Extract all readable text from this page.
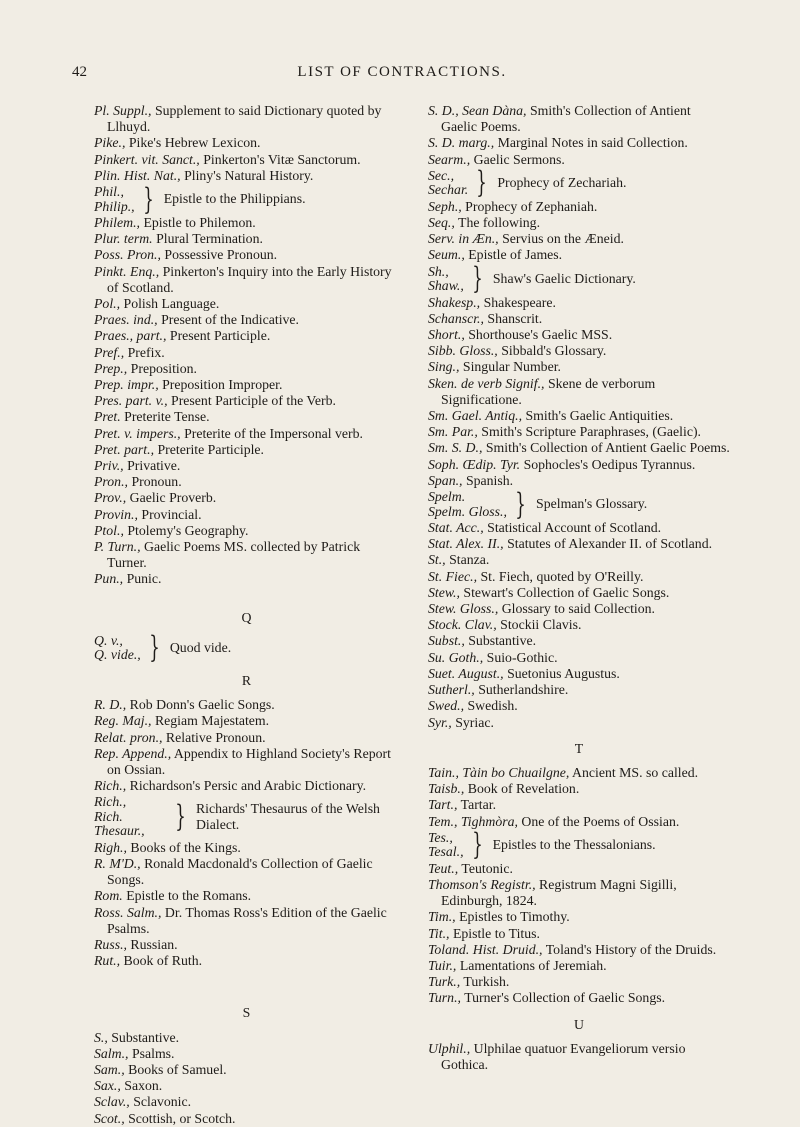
42	LIST OF CONTRACTIONS.

Pl. Suppl., Supplement to said Dictionary quoted by Llhuyd.

Pike., Pike's Hebrew Lexicon.

Pinkert. vit. Sanct., Pinkerton's Vitæ Sanctorum.

Plin. Hist. Nat., Pliny's Natural History.

Phil.,
Philip., } Epistle to the Philippians.

Philem., Epistle to Philemon.

Plur. term. Plural Termination.

Poss. Pron., Possessive Pronoun.

Pinkt. Enq., Pinkerton's Inquiry into the Early History of Scotland.

Pol., Polish Language.

Praes. ind., Present of the Indicative.

Praes., part., Present Participle.

Pref., Prefix.

Prep., Preposition.

Prep. impr., Preposition Improper.

Pres. part. v., Present Participle of the Verb.

Pret. Preterite Tense.

Pret. v. impers., Preterite of the Impersonal verb.

Pret. part., Preterite Participle.

Priv., Privative.

Pron., Pronoun.

Prov., Gaelic Proverb.

Provin., Provincial.

Ptol., Ptolemy's Geography.

P. Turn., Gaelic Poems MS. collected by Patrick Turner.

Pun., Punic.

Q
Q. v.,
Q. vide., } Quod vide.
R

R. D., Rob Donn's Gaelic Songs.

Reg. Maj., Regiam Majestatem.

Relat. pron., Relative Pronoun.

Rep. Append., Appendix to Highland Society's Report on Ossian.

Rich., Richardson's Persic and Arabic Dictionary.

Rich.,
Rich. Thesaur.,	} Richards' Thesaurus of the Welsh Dialect.

Righ., Books of the Kings.

R. M'D., Ronald Macdonald's Collection of Gaelic Songs.

Rom. Epistle to the Romans.

Ross. Salm., Dr. Thomas Ross's Edition of the Gaelic Psalms.

Russ., Russian.

Rut., Book of Ruth.

S

S., Substantive.

Salm., Psalms.

Sam., Books of Samuel.

Sax., Saxon.

Sclav., Sclavonic.

Scot., Scottish, or Scotch.

S. D., Sean Dàna, Smith's Collection of Antient Gaelic Poems.

S. D. marg., Marginal Notes in said Collection.

Searm., Gaelic Sermons.

Sec.,
Sechar. } Prophecy of Zechariah.

Seph., Prophecy of Zephaniah.

Seq., The following.

Serv. in Æn., Servius on the Æneid.

Seum., Epistle of James.

Sh.,
Shaw., } Shaw's Gaelic Dictionary.

Shakesp., Shakespeare.

Schanscr., Shanscrit.

Short., Shorthouse's Gaelic MSS.

Sibb. Gloss., Sibbald's Glossary.

Sing., Singular Number.

Sken. de verb Signif., Skene de verborum Significatione.

Sm. Gael. Antiq., Smith's Gaelic Antiquities.

Sm. Par., Smith's Scripture Paraphrases, (Gaelic).

Sm. S. D., Smith's Collection of Antient Gaelic Poems.

Soph. Œdip. Tyr. Sophocles's Oedipus Tyrannus.

Span., Spanish.

Spelm.
Spelm. Gloss., } Spelman's Glossary.

Stat. Acc., Statistical Account of Scotland.

Stat. Alex. II., Statutes of Alexander II. of Scotland.

St., Stanza.

St. Fiec., St. Fiech, quoted by O'Reilly.

Stew., Stewart's Collection of Gaelic Songs.

Stew. Gloss., Glossary to said Collection.

Stock. Clav., Stockii Clavis.

Subst., Substantive.

Su. Goth., Suio-Gothic.

Suet. August., Suetonius Augustus.

Sutherl., Sutherlandshire.

Swed., Swedish.

Syr., Syriac.

T

Tain., Tàin bo Chuailgne, Ancient MS. so called.

Taisb., Book of Revelation.

Tart., Tartar.

Tem., Tighmòra, One of the Poems of Ossian.

Tes.,
Tesal., } Epistles to the Thessalonians.

Teut., Teutonic.

Thomson's Registr., Registrum Magni Sigilli, Edinburgh, 1824.

Tim., Epistles to Timothy.

Tit., Epistle to Titus.

Toland. Hist. Druid., Toland's History of the Druids.

Tuir., Lamentations of Jeremiah.

Turk., Turkish.

Turn., Turner's Collection of Gaelic Songs.

U

Ulphil., Ulphilae quatuor Evangeliorum versio Gothica.
